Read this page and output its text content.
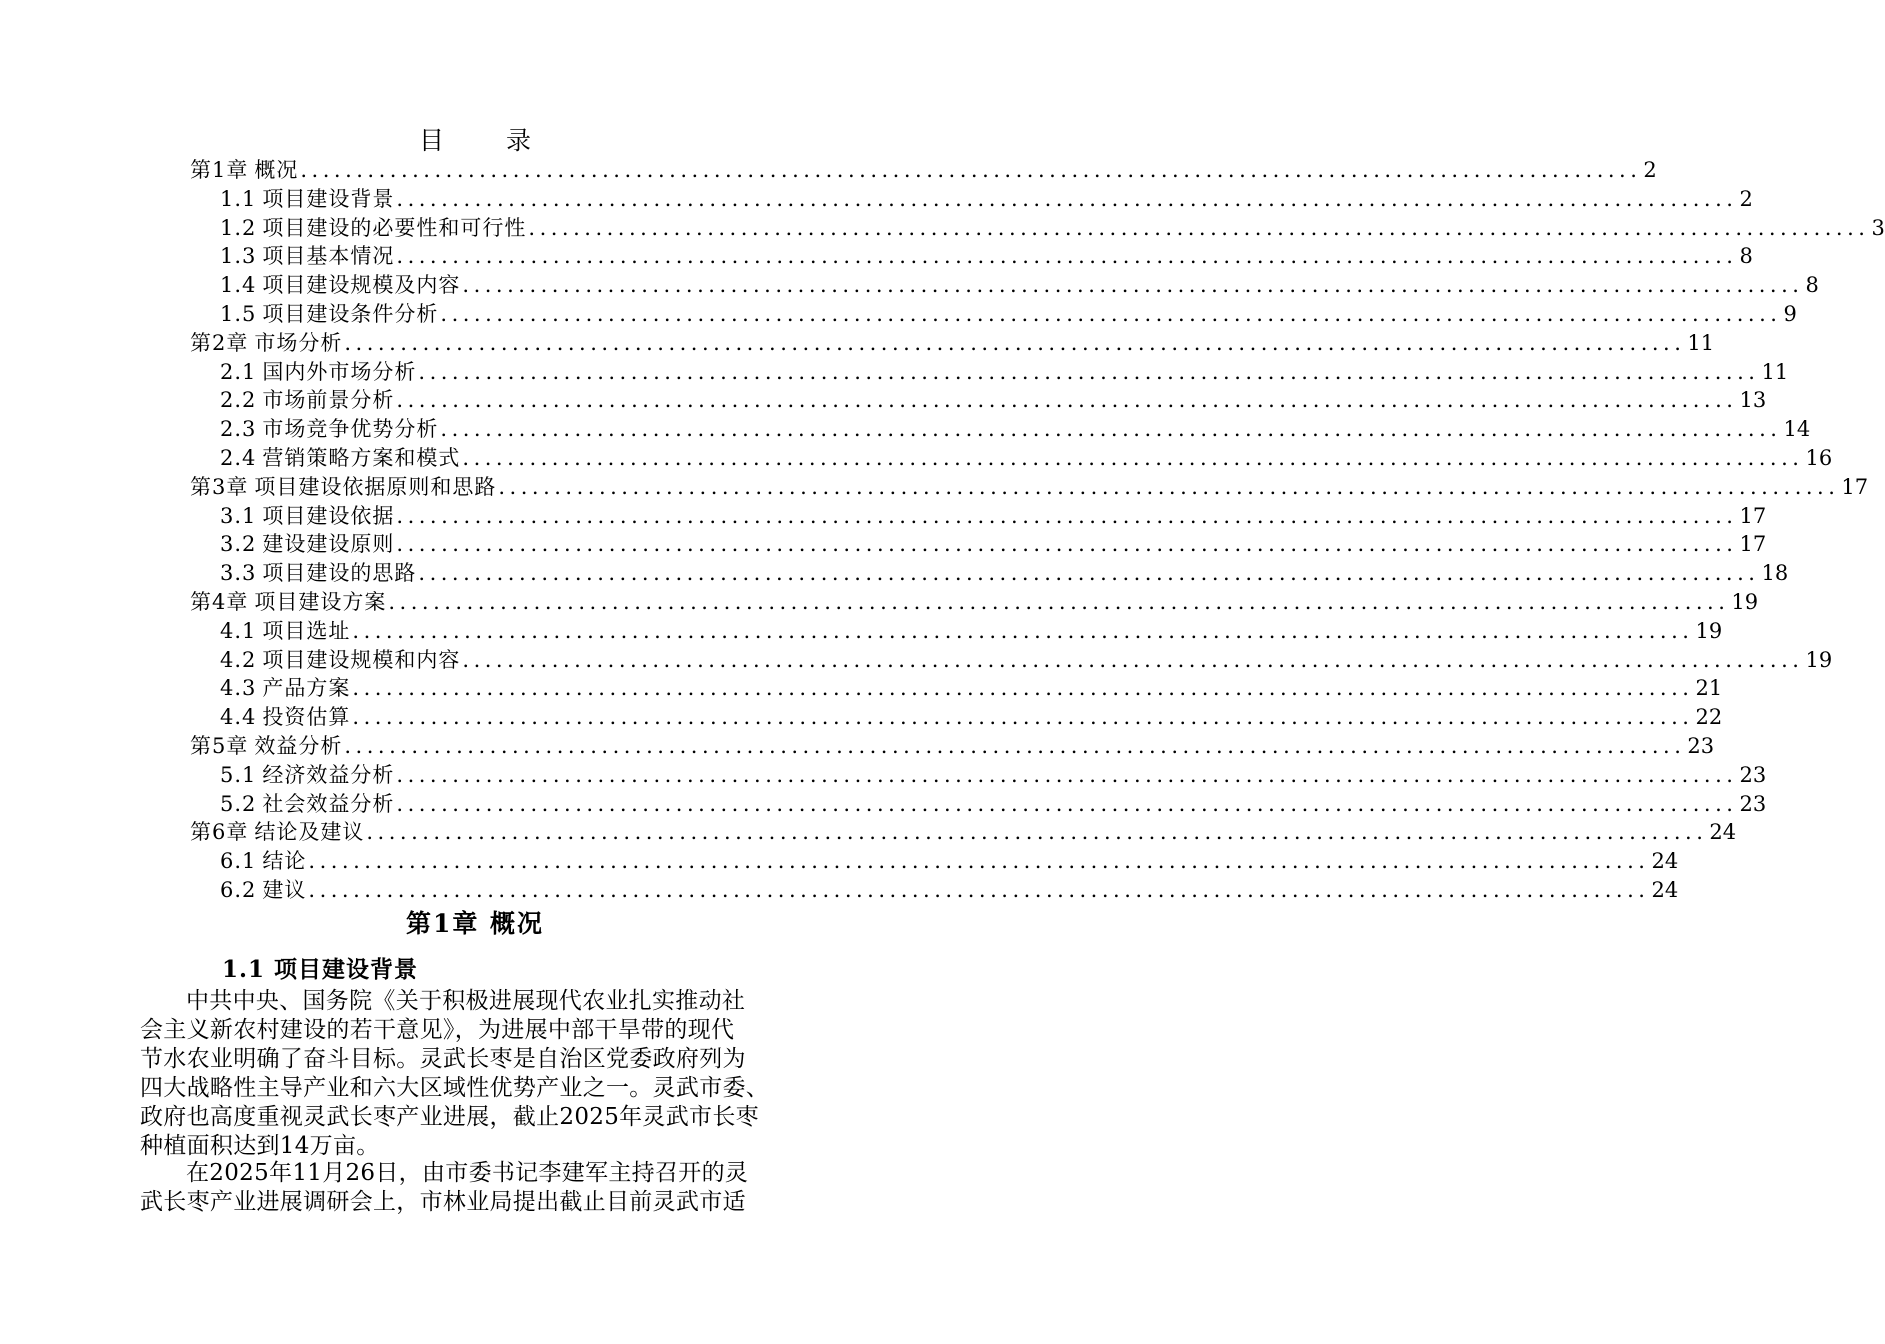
目录
第1章 概况 ........................................................................................................................ 2
1.1 项目建设背景 ........................................................................................................................ 2
1.2 项目建设的必要性和可行性 ........................................................................................................................ 3
1.3 项目基本情况 ........................................................................................................................ 8
1.4 项目建设规模及内容 ........................................................................................................................ 8
1.5 项目建设条件分析 ........................................................................................................................ 9
第2章 市场分析 ........................................................................................................................ 11
2.1 国内外市场分析 ........................................................................................................................ 11
2.2 市场前景分析 ........................................................................................................................ 13
2.3 市场竞争优势分析 ........................................................................................................................ 14
2.4 营销策略方案和模式 ........................................................................................................................ 16
第3章 项目建设依据原则和思路 ........................................................................................................................ 17
3.1 项目建设依据 ........................................................................................................................ 17
3.2 建设建设原则 ........................................................................................................................ 17
3.3 项目建设的思路 ........................................................................................................................ 18
第4章 项目建设方案 ........................................................................................................................ 19
4.1 项目选址 ........................................................................................................................ 19
4.2 项目建设规模和内容 ........................................................................................................................ 19
4.3 产品方案 ........................................................................................................................ 21
4.4 投资估算 ........................................................................................................................ 22
第5章 效益分析 ........................................................................................................................ 23
5.1 经济效益分析 ........................................................................................................................ 23
5.2 社会效益分析 ........................................................................................................................ 23
第6章 结论及建议 ........................................................................................................................ 24
6.1 结论 ........................................................................................................................ 24
6.2 建议 ........................................................................................................................ 24
第1章 概况
1.1 项目建设背景

中共中央、国务院《关于积极进展现代农业扎实推动社

会主义新农村建设的若干意见》，为进展中部干旱带的现代

节水农业明确了奋斗目标。灵武长枣是自治区党委政府列为

四大战略性主导产业和六大区域性优势产业之一。灵武市委、

政府也高度重视灵武长枣产业进展，截止2025年灵武市长枣

种植面积达到14万亩。

在2025年11月26日，由市委书记李建军主持召开的灵

武长枣产业进展调研会上，市林业局提出截止目前灵武市适
